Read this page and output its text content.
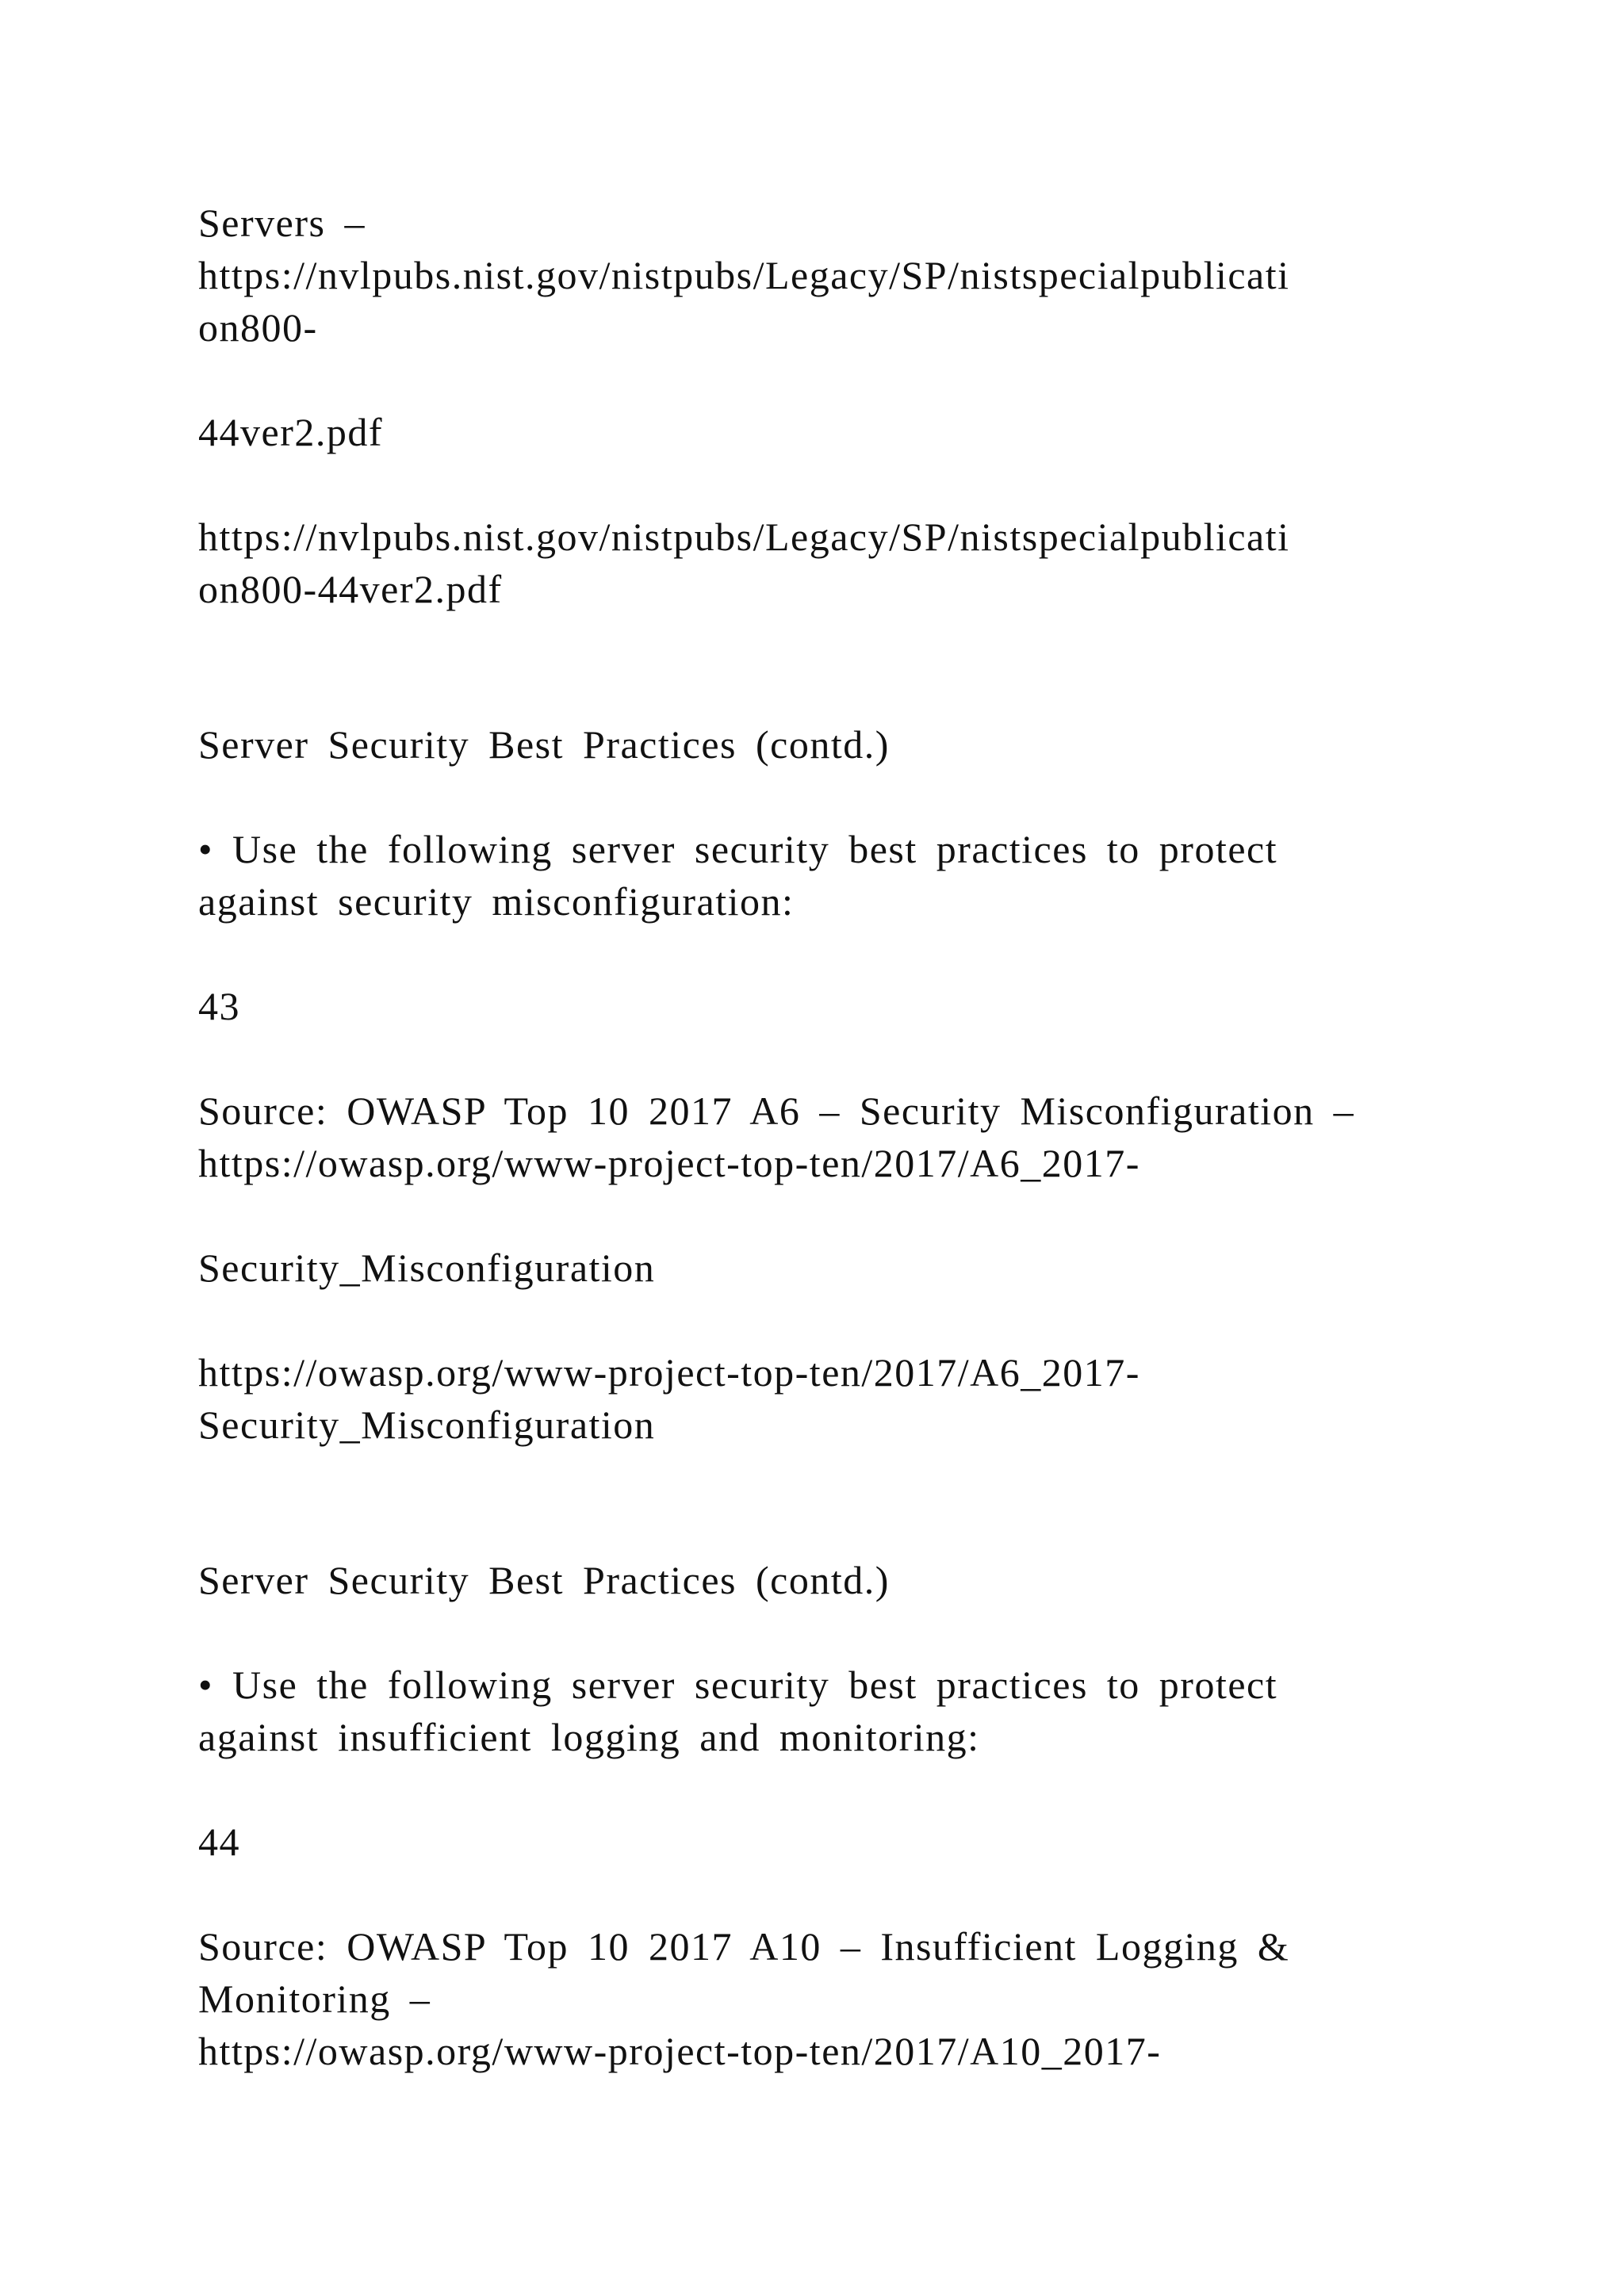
Servers –

https://nvlpubs.nist.gov/nistpubs/Legacy/SP/nistspecialpublicati

on800-

44ver2.pdf

https://nvlpubs.nist.gov/nistpubs/Legacy/SP/nistspecialpublicati

on800-44ver2.pdf

Server Security Best Practices (contd.)

• Use the following server security best practices to protect

against security misconfiguration:

43

Source: OWASP Top 10 2017 A6 – Security Misconfiguration –

https://owasp.org/www-project-top-ten/2017/A6_2017-

Security_Misconfiguration

https://owasp.org/www-project-top-ten/2017/A6_2017-

Security_Misconfiguration

Server Security Best Practices (contd.)

• Use the following server security best practices to protect

against insufficient logging and monitoring:

44

Source: OWASP Top 10 2017 A10 – Insufficient Logging &

Monitoring –

https://owasp.org/www-project-top-ten/2017/A10_2017-
